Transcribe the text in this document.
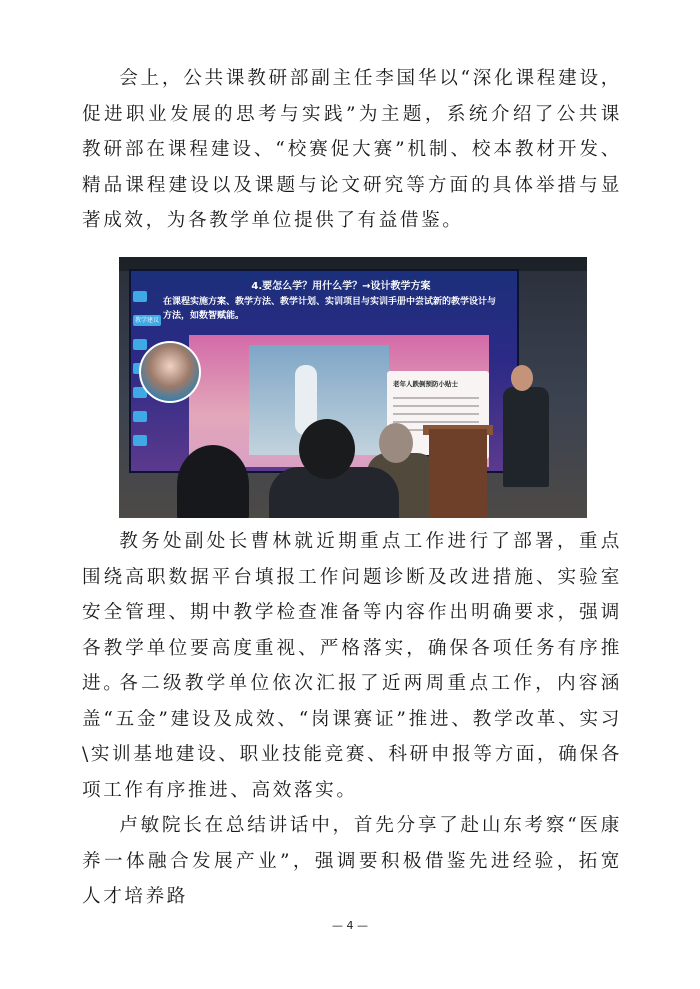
会上，公共课教研部副主任李国华以“深化课程建设，促进职业发展的思考与实践”为主题，系统介绍了公共课教研部在课程建设、“校赛促大赛”机制、校本教材开发、精品课程建设以及课题与论文研究等方面的具体举措与显著成效，为各教学单位提供了有益借鉴。

教学建议
4.要怎么学？用什么学？→设计教学方案
在课程实施方案、教学方法、教学计划、实训项目与实训手册中尝试新的教学设计与方法，如数智赋能。
老年人跌倒预防小贴士

教务处副处长曹林就近期重点工作进行了部署，重点围绕高职数据平台填报工作问题诊断及改进措施、实验室安全管理、期中教学检查准备等内容作出明确要求，强调各教学单位要高度重视、严格落实，确保各项任务有序推进。

各二级教学单位依次汇报了近两周重点工作，内容涵盖“五金”建设及成效、“岗课赛证”推进、教学改革、实习\实训基地建设、职业技能竞赛、科研申报等方面，确保各项工作有序推进、高效落实。

卢敏院长在总结讲话中，首先分享了赴山东考察“医康养一体融合发展产业”，强调要积极借鉴先进经验，拓宽人才培养路

— 4 —
